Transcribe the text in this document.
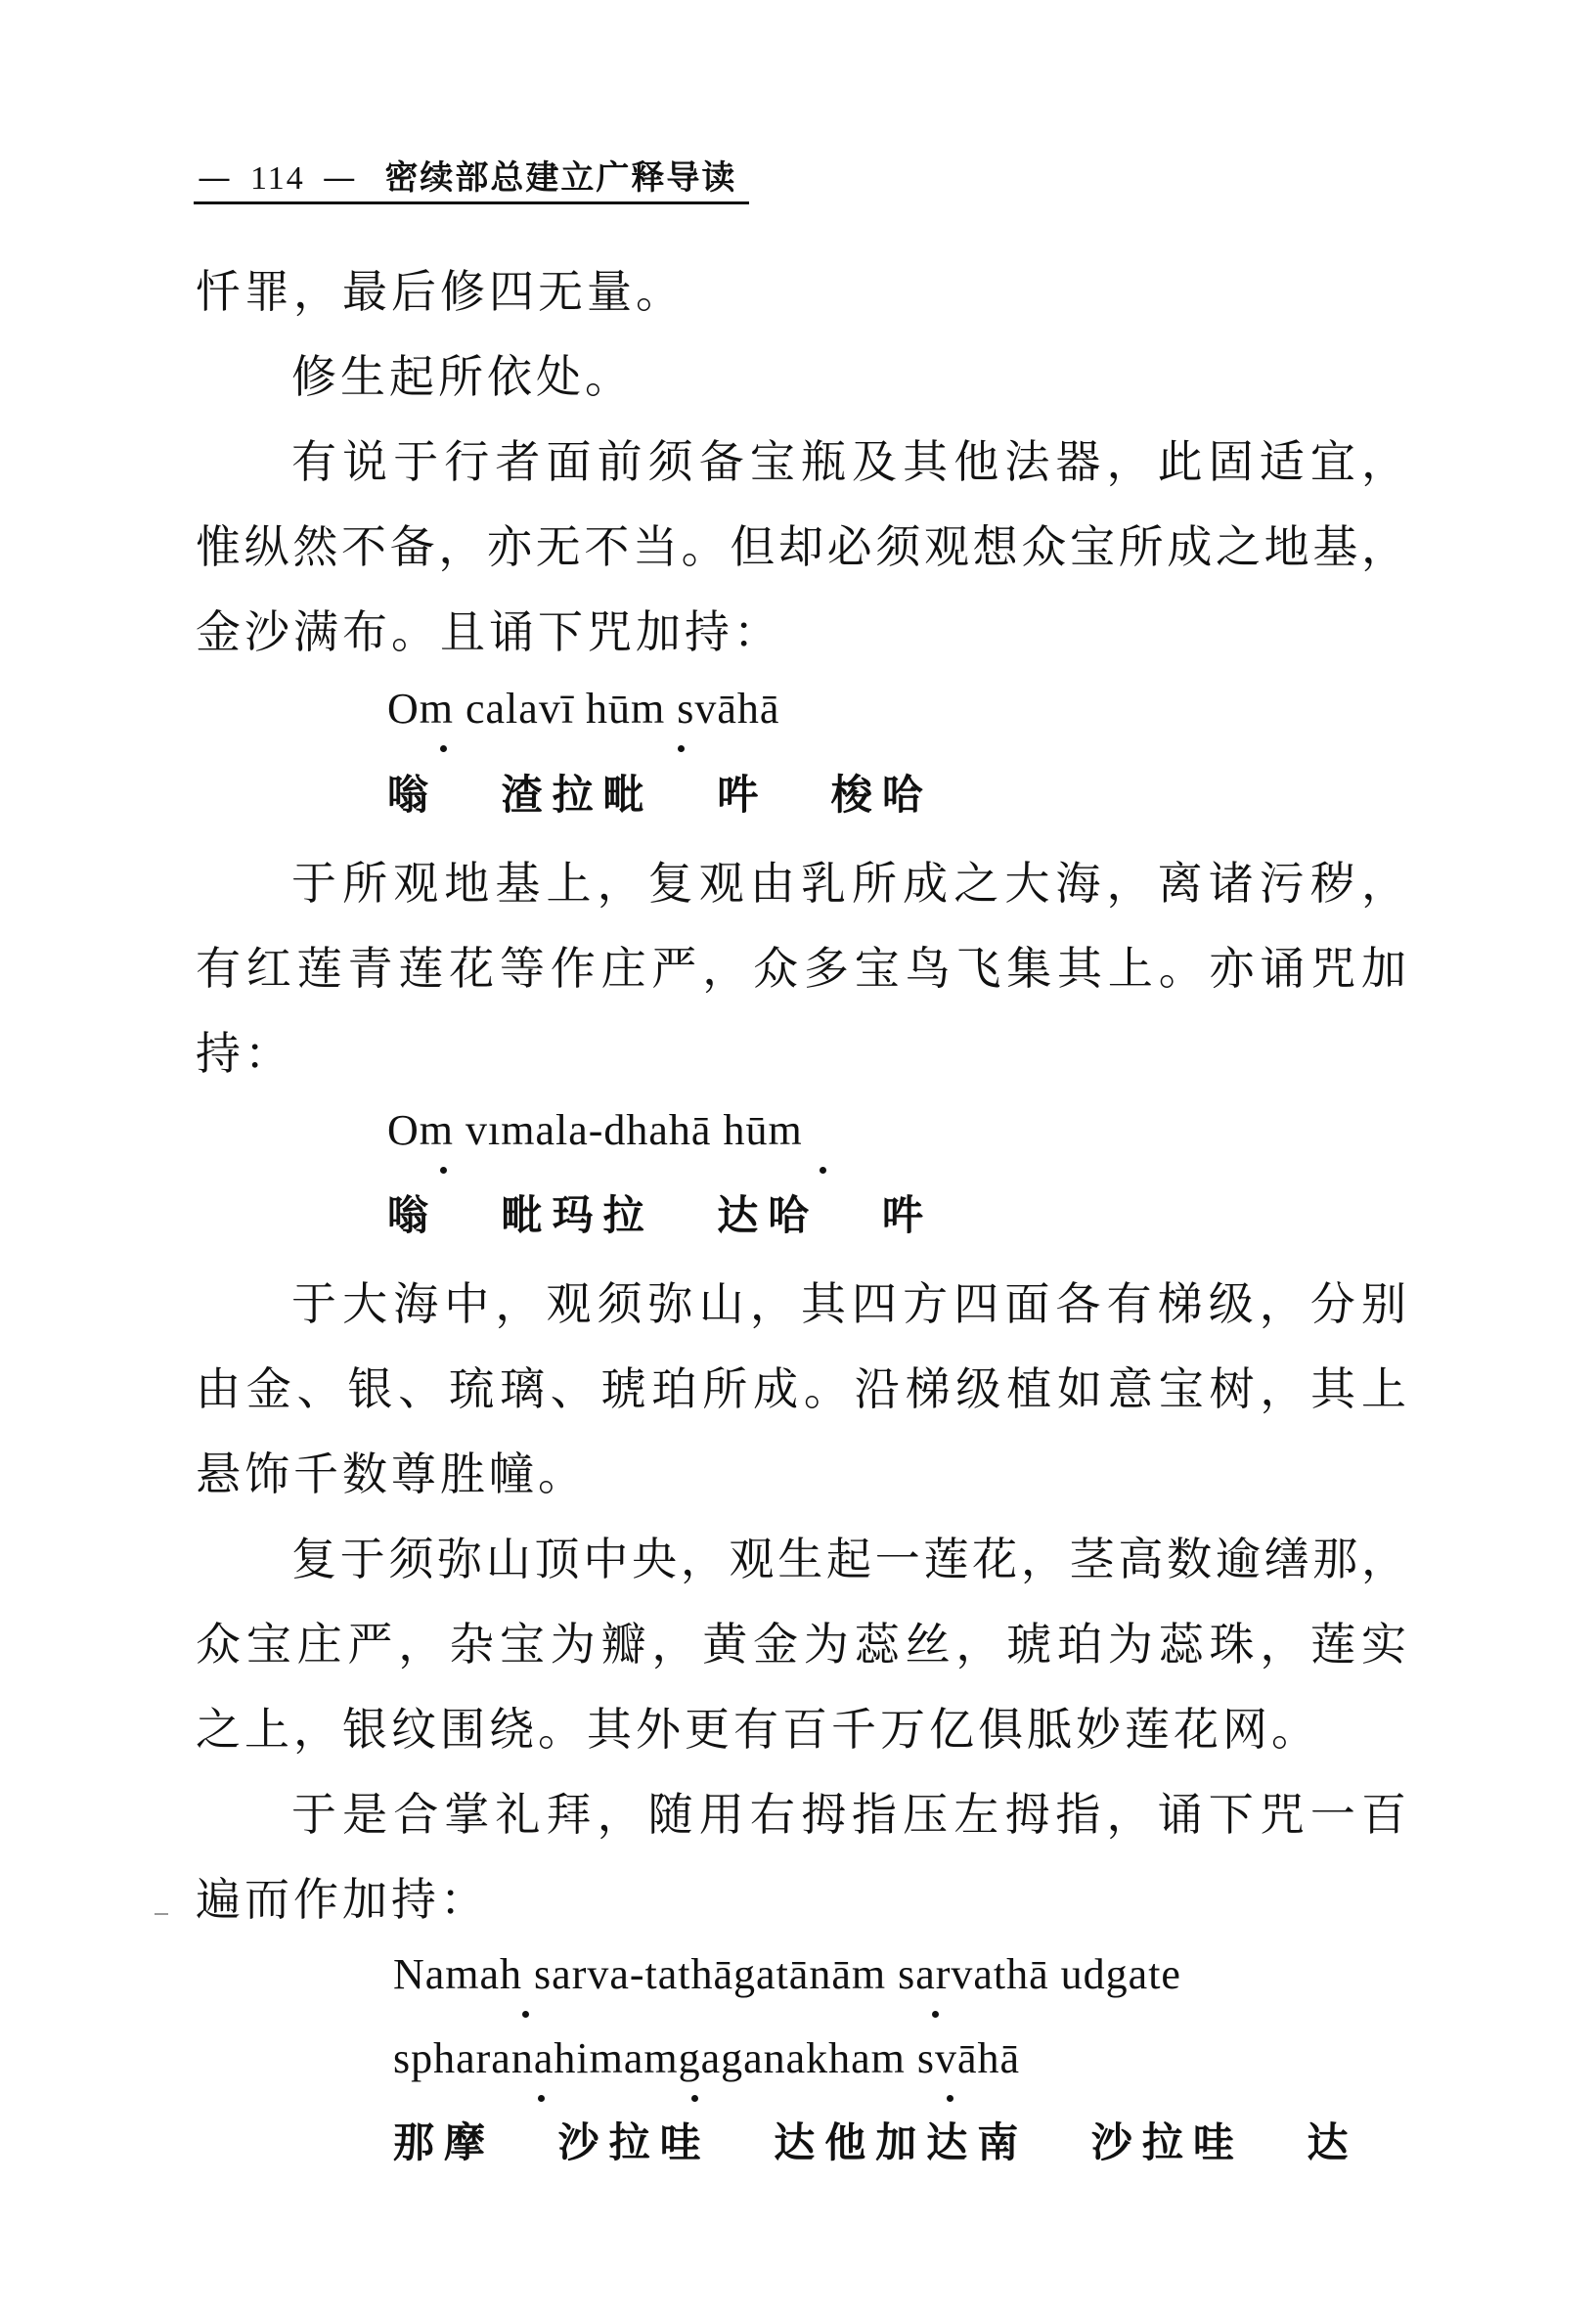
— 114 — 密续部总建立广释导读
忏罪，最后修四无量。
修生起所依处。
有说于行者面前须备宝瓶及其他法器，此固适宜，
惟纵然不备，亦无不当。但却必须观想众宝所成之地基，
金沙满布。且诵下咒加持：
Om calavī hūm svāhā
嗡 渣拉毗 吽 梭哈
于所观地基上，复观由乳所成之大海，离诸污秽，
有红莲青莲花等作庄严，众多宝鸟飞集其上。亦诵咒加
持：
Om vımala-dhahā hūm
嗡 毗玛拉 达哈 吽
于大海中，观须弥山，其四方四面各有梯级，分别
由金、银、琉璃、琥珀所成。沿梯级植如意宝树，其上
悬饰千数尊胜幢。
复于须弥山顶中央，观生起一莲花，茎高数逾缮那，
众宝庄严，杂宝为瓣，黄金为蕊丝，琥珀为蕊珠，莲实
之上，银纹围绕。其外更有百千万亿俱胝妙莲花网。
于是合掌礼拜，随用右拇指压左拇指，诵下咒一百
遍而作加持：
Namah sarva-tathāgatānām sarvathā udgate
spharanahimamgaganakham svāhā
那摩 沙拉哇 达他加达南 沙拉哇 达
